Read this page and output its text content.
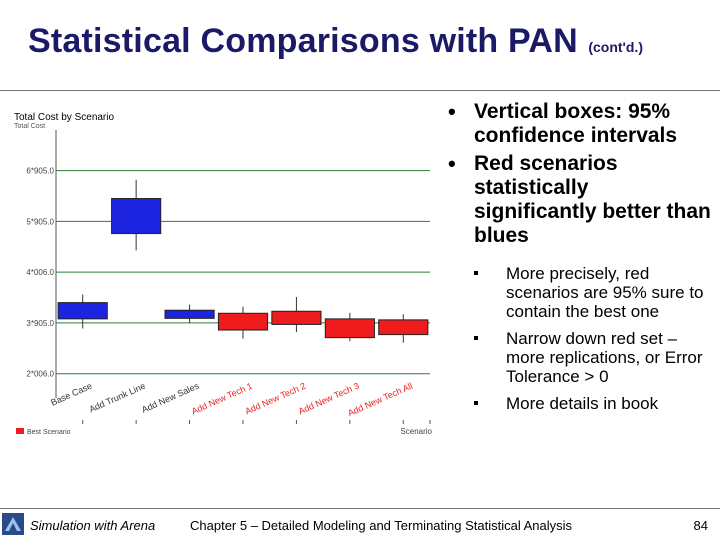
Statistical Comparisons with PAN (cont'd.)
Total Cost by Scenario
Total Cost
2*006.0
3*905.0
4*006.0
5*905.0
6*905.0
Base Case
Add Trunk Line
Add New Sales
Add New Tech 1
Add New Tech 2
Add New Tech 3
Add New Tech All
Scenario
Best Scenario
• Vertical boxes: 95% confidence intervals
• Red scenarios statistically significantly better than blues
More precisely, red scenarios are 95% sure to contain the best one
Narrow down red set – more replications, or Error Tolerance > 0
More details in book
Simulation with Arena	Chapter 5 – Detailed Modeling and Terminating Statistical Analysis	84
